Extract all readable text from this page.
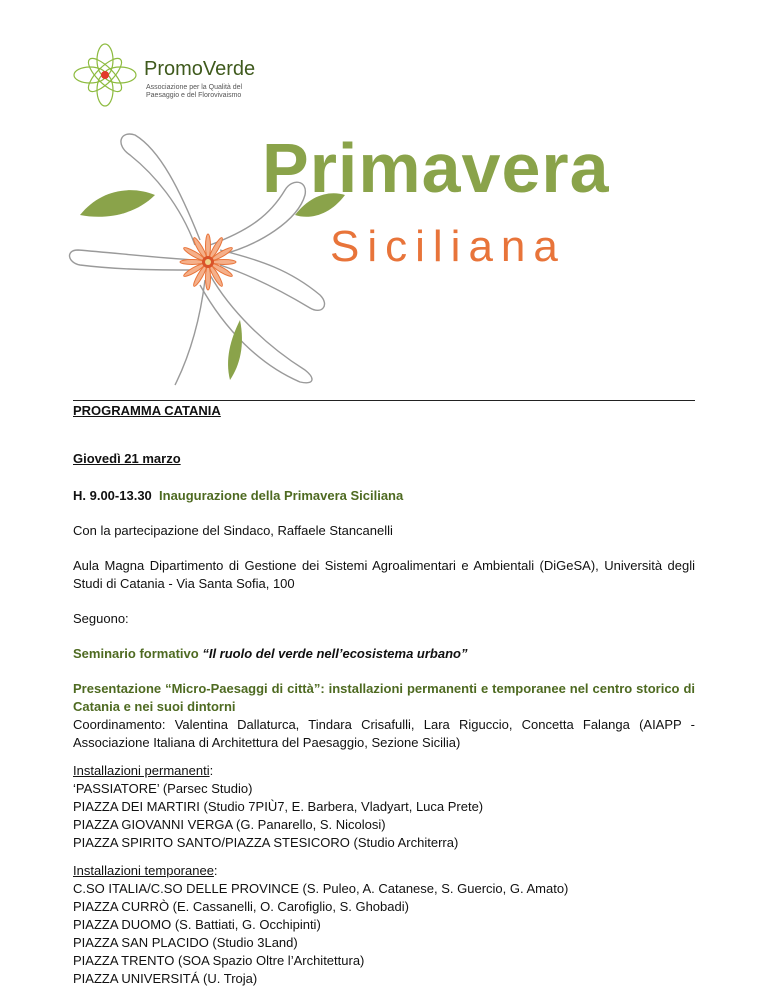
PromoVerde
Associazione per la Qualità del Paesaggio e del Florovivaismo
Primavera
Siciliana

PROGRAMMA CATANIA

Giovedì 21 marzo

H. 9.00-13.30 Inaugurazione della Primavera Siciliana

Con la partecipazione del Sindaco, Raffaele Stancanelli

Aula Magna Dipartimento di Gestione dei Sistemi Agroalimentari e Ambientali (DiGeSA), Università degli Studi di Catania - Via Santa Sofia, 100

Seguono:

Seminario formativo “Il ruolo del verde nell’ecosistema urbano”

Presentazione “Micro-Paesaggi di città”: installazioni permanenti e temporanee nel centro storico di Catania e nei suoi dintorni

Coordinamento: Valentina Dallaturca, Tindara Crisafulli, Lara Riguccio, Concetta Falanga (AIAPP - Associazione Italiana di Architettura del Paesaggio, Sezione Sicilia)

Installazioni permanenti:

‘PASSIATORE’ (Parsec Studio)

PIAZZA DEI MARTIRI (Studio 7PIÙ7, E. Barbera, Vladyart, Luca Prete)

PIAZZA GIOVANNI VERGA (G. Panarello, S. Nicolosi)

PIAZZA SPIRITO SANTO/PIAZZA STESICORO (Studio Architerra)

Installazioni temporanee:

C.SO ITALIA/C.SO DELLE PROVINCE (S. Puleo, A. Catanese, S. Guercio, G. Amato)

PIAZZA CURRÒ (E. Cassanelli, O. Carofiglio, S. Ghobadi)

PIAZZA DUOMO (S. Battiati, G. Occhipinti)

PIAZZA SAN PLACIDO (Studio 3Land)

PIAZZA TRENTO (SOA Spazio Oltre l’Architettura)

PIAZZA UNIVERSITÁ (U. Troja)
